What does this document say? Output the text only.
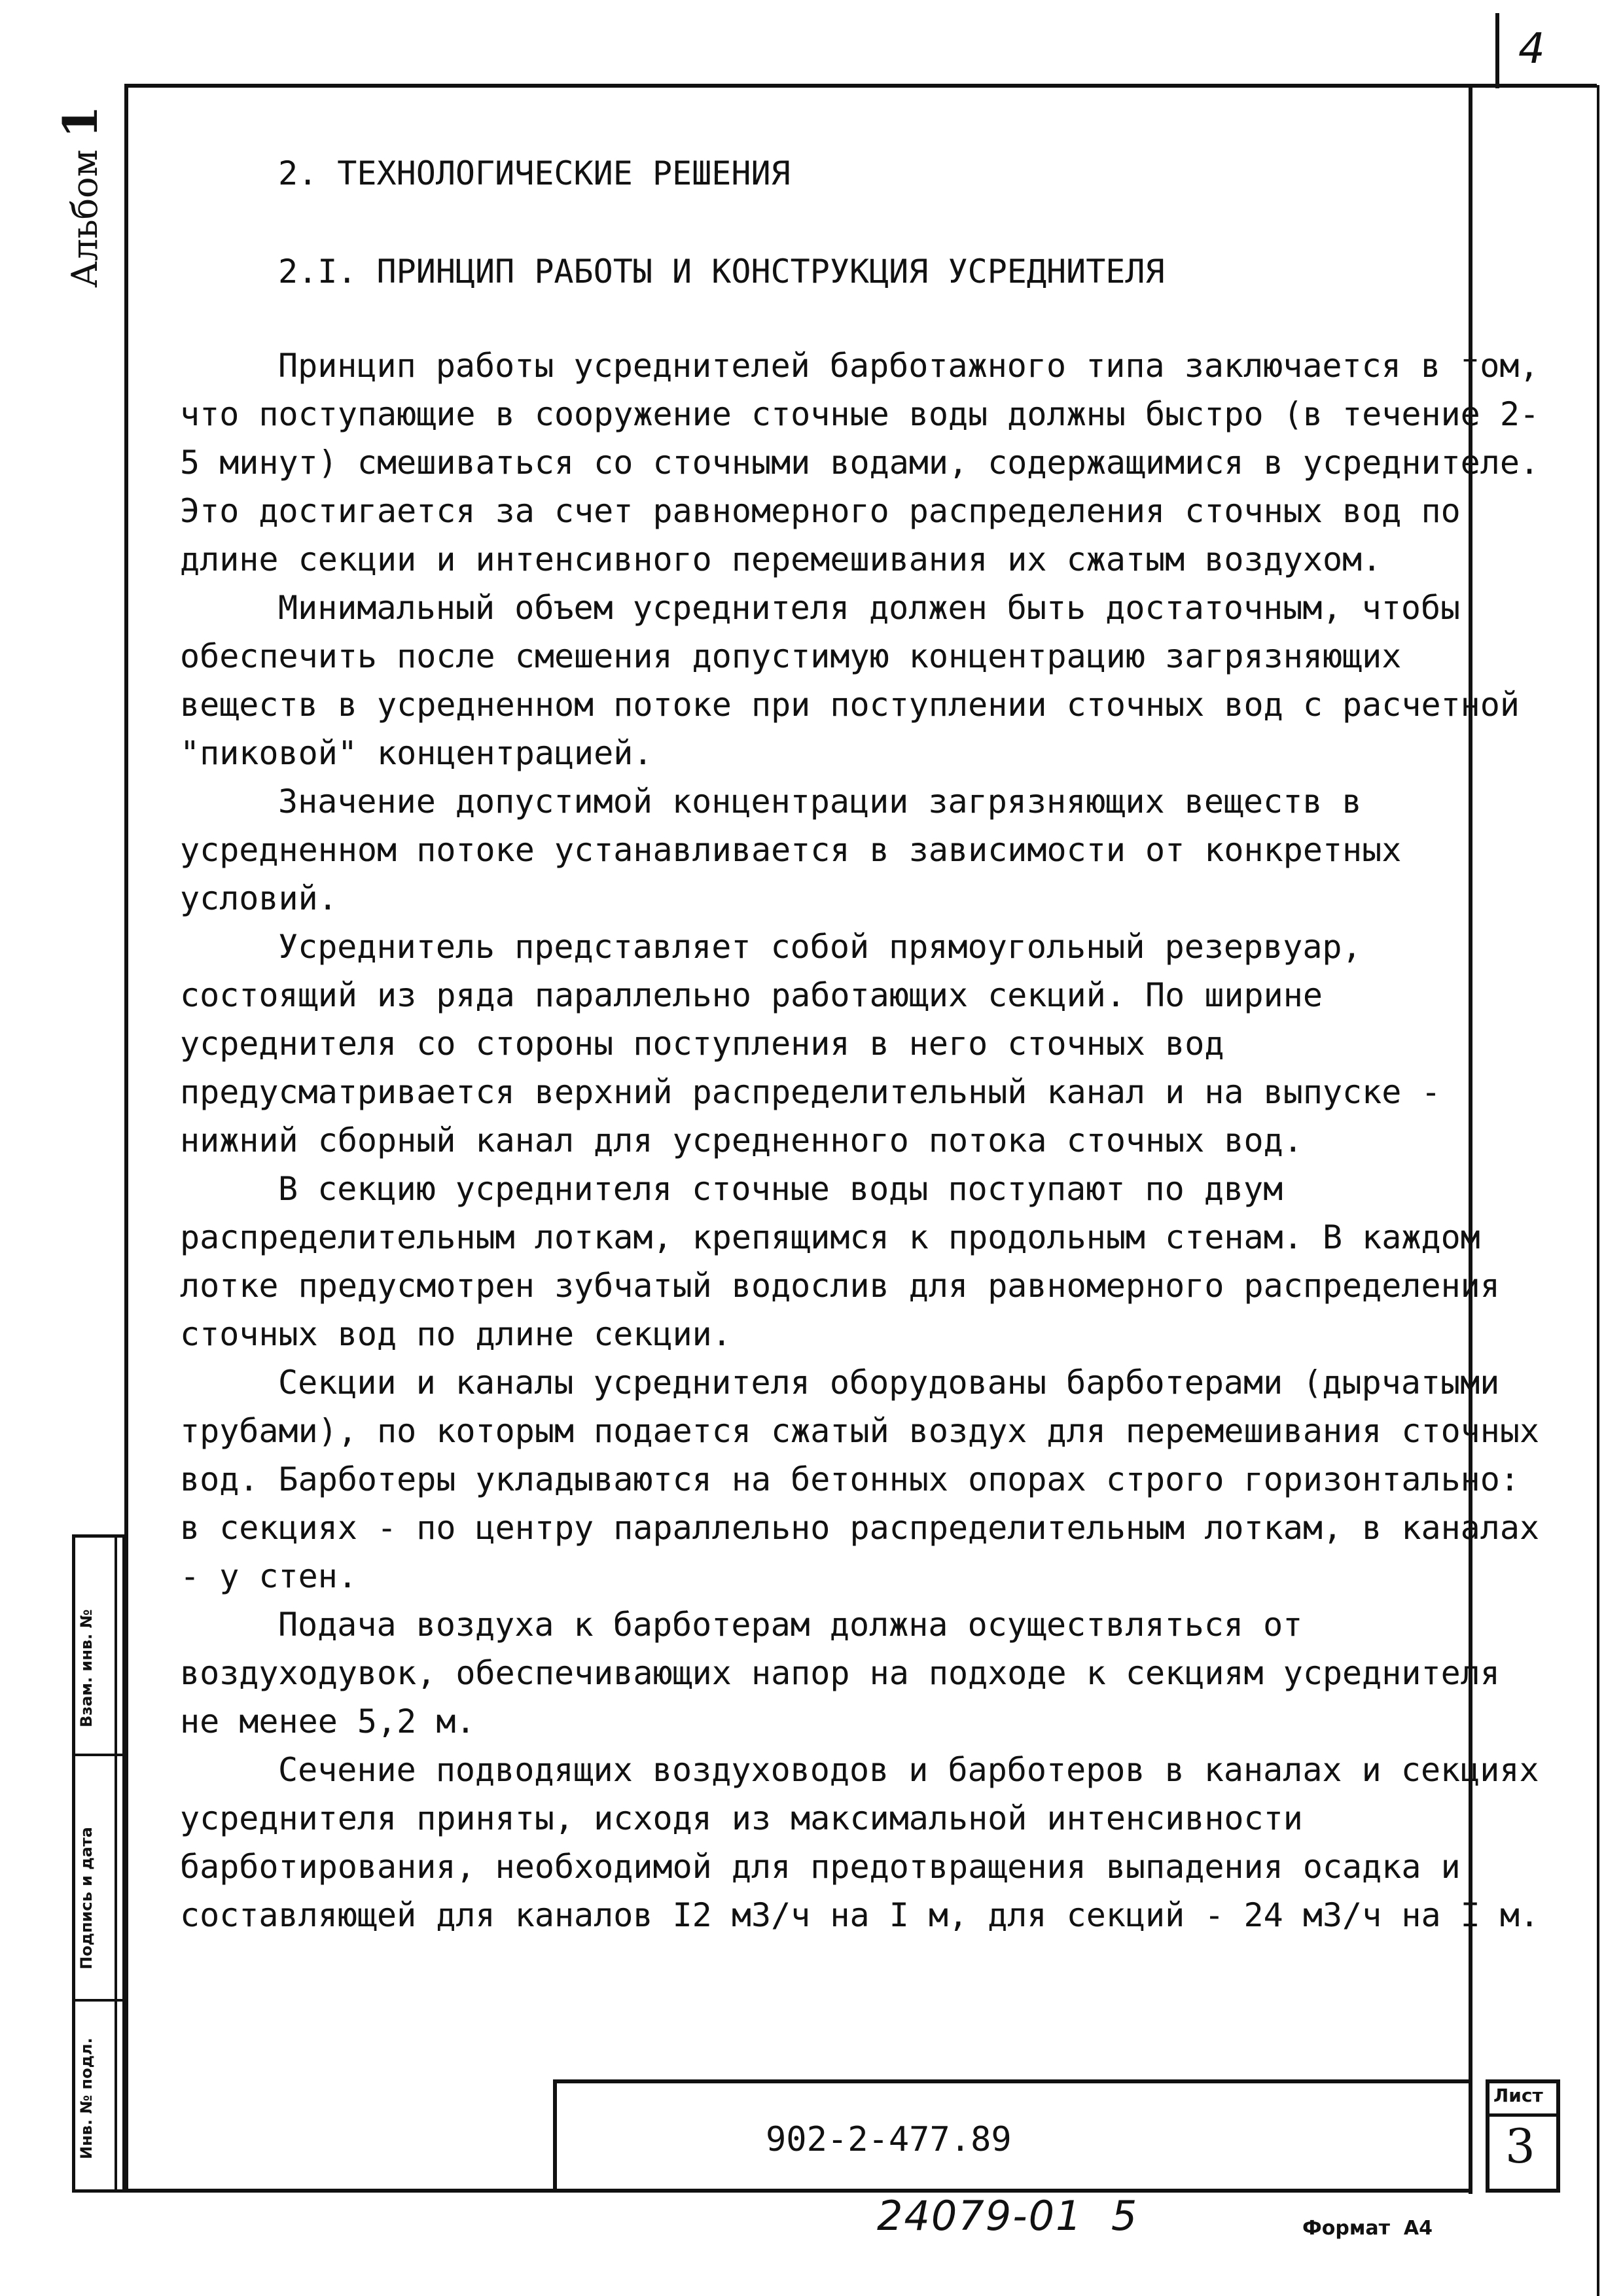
4
Альбом 1
Взам. инв. №
Подпись и дата
Инв. № подл.
2. ТЕХНОЛОГИЧЕСКИЕ РЕШЕНИЯ
2.I. ПРИНЦИП РАБОТЫ И КОНСТРУКЦИЯ УСРЕДНИТЕЛЯ

Принцип работы усреднителей барботажного типа заключается в том, что поступающие в сооружение сточные воды должны быстро (в течение 2-5 минут) смешиваться со сточными водами, содержащимися в усреднителе. Это достигается за счет равномерного распределения сточных вод по длине секции и интенсивного перемешивания их сжатым воздухом.

Минимальный объем усреднителя должен быть достаточным, чтобы обеспечить после смешения допустимую концентрацию загрязняющих веществ в усредненном потоке при поступлении сточных вод с расчетной "пиковой" концентрацией.

Значение допустимой концентрации загрязняющих веществ в усредненном потоке устанавливается в зависимости от конкретных условий.

Усреднитель представляет собой прямоугольный резервуар, состоящий из ряда параллельно работающих секций. По ширине усреднителя со стороны поступления в него сточных вод предусматривается верхний распределительный канал и на выпуске - нижний сборный канал для усредненного потока сточных вод.

В секцию усреднителя сточные воды поступают по двум распределительным лоткам, крепящимся к продольным стенам. В каждом лотке предусмотрен зубчатый водослив для равномерного распределения сточных вод по длине секции.

Секции и каналы усреднителя оборудованы барботерами (дырчатыми трубами), по которым подается сжатый воздух для перемешивания сточных вод. Барботеры укладываются на бетонных опорах строго горизонтально: в секциях - по центру параллельно распределительным лоткам, в каналах - у стен.

Подача воздуха к барботерам должна осуществляться от воздуходувок, обеспечивающих напор на подходе к секциям усреднителя не менее 5,2 м.

Сечение подводящих воздуховодов и барботеров в каналах и секциях усреднителя приняты, исходя из максимальной интенсивности барботирования, необходимой для предотвращения выпадения осадка и составляющей для каналов I2 м3/ч на I м, для секций - 24 м3/ч на I м.

902-2-477.89
Лист
3
24079-01  5	Формат  А4
